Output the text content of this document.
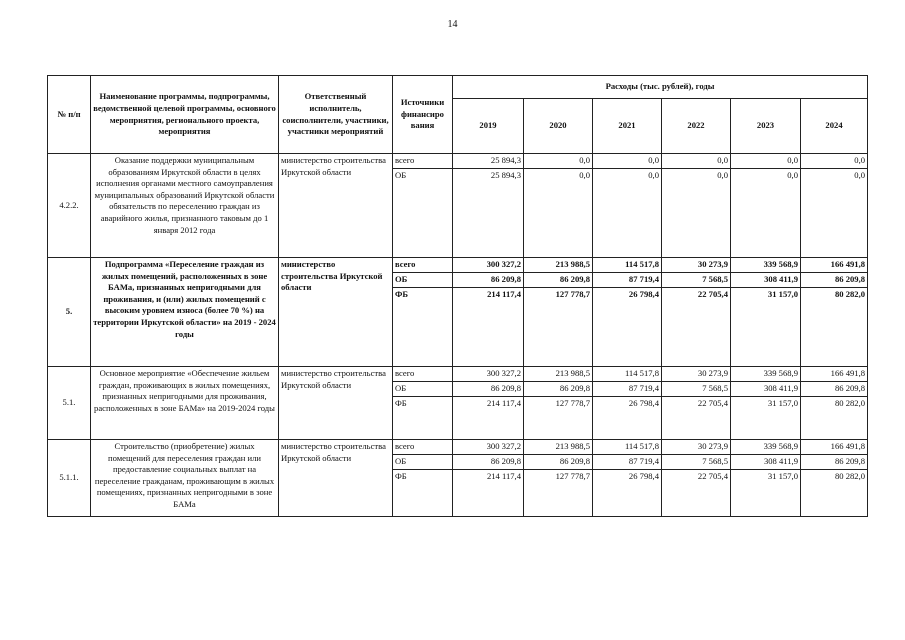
14
№ п/п	Наименование программы, подпрограммы, ведомственной целевой программы, основного мероприятия, регионального проекта, мероприятия	Ответственный исполнитель, соисполнители, участники, участники мероприятий	Источники финансиро вания	Расходы (тыс. рублей), годы					
				2019	2020	2021	2022	2023	2024
4.2.2.	Оказание поддержки муниципальным образованиям Иркутской области в целях исполнения органами местного самоуправления муниципальных образований Иркутской области обязательств по переселению граждан из аварийного жилья, признанного таковым до 1 января 2012 года	министерство строительства Иркутской области	всего	25 894,3	0,0	0,0	0,0	0,0	0,0
			ОБ	25 894,3	0,0	0,0	0,0	0,0	0,0
5.	Подпрограмма «Переселение граждан из жилых помещений, расположенных в зоне БАМа, признанных непригодными для проживания, и (или) жилых помещений с высоким уровнем износа (более 70 %) на территории Иркутской области» на 2019 - 2024 годы	министерство строительства Иркутской области	всего	300 327,2	213 988,5	114 517,8	30 273,9	339 568,9	166 491,8
			ОБ	86 209,8	86 209,8	87 719,4	7 568,5	308 411,9	86 209,8
			ФБ	214 117,4	127 778,7	26 798,4	22 705,4	31 157,0	80 282,0
5.1.	Основное мероприятие «Обеспечение жильем граждан, проживающих в жилых помещениях, признанных непригодными для проживания, расположенных в зоне БАМа» на 2019-2024 годы	министерство строительства Иркутской области	всего	300 327,2	213 988,5	114 517,8	30 273,9	339 568,9	166 491,8
			ОБ	86 209,8	86 209,8	87 719,4	7 568,5	308 411,9	86 209,8
			ФБ	214 117,4	127 778,7	26 798,4	22 705,4	31 157,0	80 282,0
5.1.1.	Строительство (приобретение) жилых помещений для переселения граждан или предоставление социальных выплат на переселение гражданам, проживающим в жилых помещениях, признанных непригодными в зоне БАМа	министерство строительства Иркутской области	всего	300 327,2	213 988,5	114 517,8	30 273,9	339 568,9	166 491,8
			ОБ	86 209,8	86 209,8	87 719,4	7 568,5	308 411,9	86 209,8
			ФБ	214 117,4	127 778,7	26 798,4	22 705,4	31 157,0	80 282,0
